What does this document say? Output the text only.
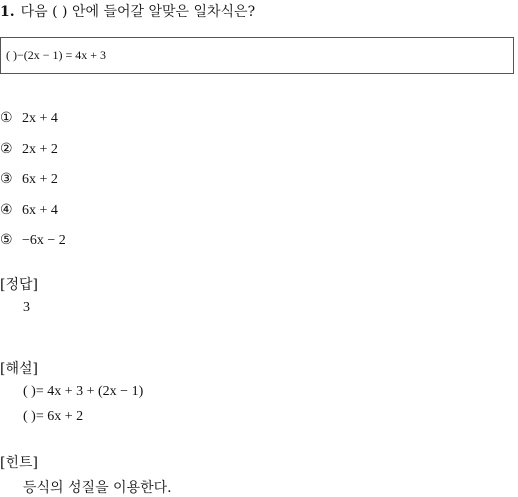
1. 다음 ( ) 안에 들어갈 알맞은 일차식은?
( )−(2x − 1) = 4x + 3
① 2x + 4
② 2x + 2
③ 6x + 2
④ 6x + 4
⑤ −6x − 2
[정답]
3
[해설]
( )= 4x + 3 + (2x − 1)
( )= 6x + 2
[힌트]
등식의 성질을 이용한다.
